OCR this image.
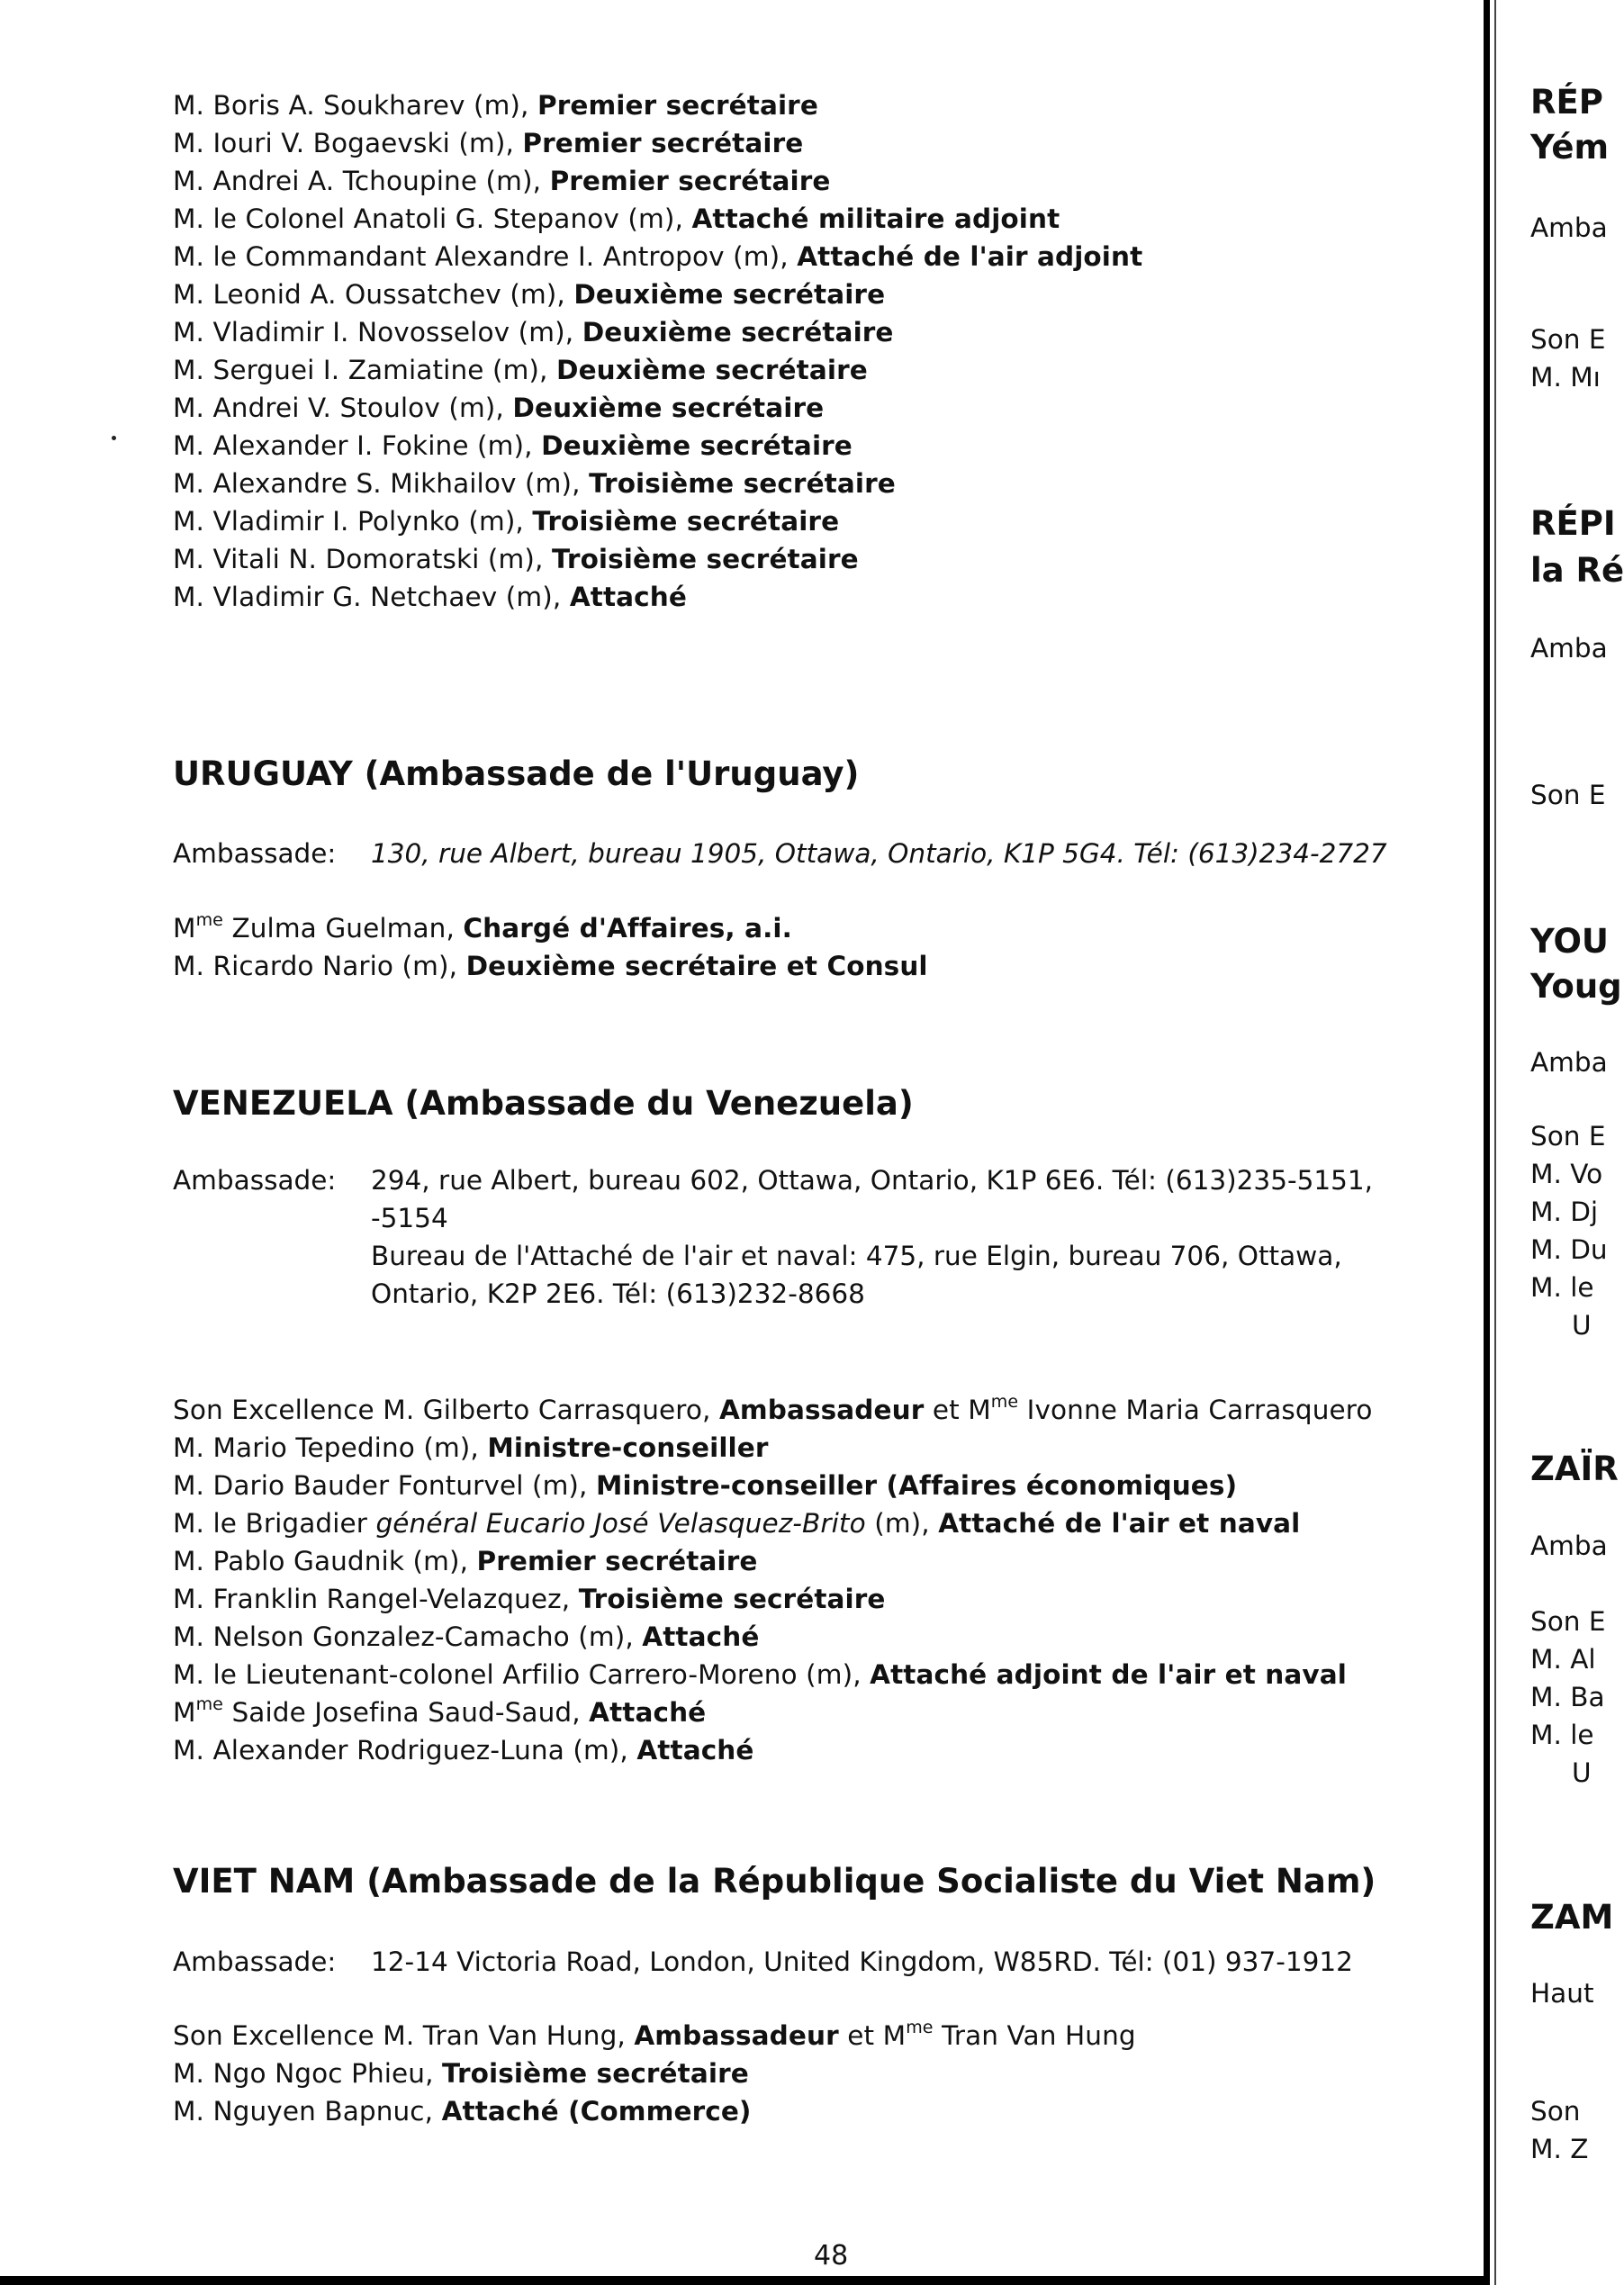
M. Boris A. Soukharev (m), Premier secrétaire
M. Iouri V. Bogaevski (m), Premier secrétaire
M. Andrei A. Tchoupine (m), Premier secrétaire
M. le Colonel Anatoli G. Stepanov (m), Attaché militaire adjoint
M. le Commandant Alexandre I. Antropov (m), Attaché de l'air adjoint
M. Leonid A. Oussatchev (m), Deuxième secrétaire
M. Vladimir I. Novosselov (m), Deuxième secrétaire
M. Serguei I. Zamiatine (m), Deuxième secrétaire
M. Andrei V. Stoulov (m), Deuxième secrétaire
M. Alexander I. Fokine (m), Deuxième secrétaire
M. Alexandre S. Mikhailov (m), Troisième secrétaire
M. Vladimir I. Polynko (m), Troisième secrétaire
M. Vitali N. Domoratski (m), Troisième secrétaire
M. Vladimir G. Netchaev (m), Attaché
URUGUAY (Ambassade de l'Uruguay)
Ambassade: 130, rue Albert, bureau 1905, Ottawa, Ontario, K1P 5G4. Tél: (613)234-2727
$M^{me}$ Zulma Guelman, Chargé d'Affaires, a.i.
M. Ricardo Nario (m), Deuxième secrétaire et Consul
VENEZUELA (Ambassade du Venezuela)
Ambassade:	294, rue Albert, bureau 602, Ottawa, Ontario, K1P 6E6. Tél: (613)235-5151,
-5154
Bureau de l'Attaché de l'air et naval: 475, rue Elgin, bureau 706, Ottawa,
Ontario, K2P 2E6. Tél: (613)232-8668
Son Excellence M. Gilberto Carrasquero, Ambassadeur et $M^{me}$ Ivonne Maria Carrasquero
M. Mario Tepedino (m), Ministre-conseiller
M. Dario Bauder Fonturvel (m), Ministre-conseiller (Affaires économiques)
M. le Brigadier général Eucario José Velasquez-Brito (m), Attaché de l'air et naval
M. Pablo Gaudnik (m), Premier secrétaire
M. Franklin Rangel-Velazquez, Troisième secrétaire
M. Nelson Gonzalez-Camacho (m), Attaché
M. le Lieutenant-colonel Arfilio Carrero-Moreno (m), Attaché adjoint de l'air et naval
$M^{me}$ Saide Josefina Saud-Saud, Attaché
M. Alexander Rodriguez-Luna (m), Attaché
VIET NAM (Ambassade de la République Socialiste du Viet Nam)
Ambassade: 12-14 Victoria Road, London, United Kingdom, W85RD. Tél: (01) 937-1912
Son Excellence M. Tran Van Hung, Ambassadeur et $M^{me}$ Tran Van Hung
M. Ngo Ngoc Phieu, Troisième secrétaire
M. Nguyen Bapnuc, Attaché (Commerce)
48
RÉP
Yém
Amba
Son E
M. Mı
RÉPI
la Ré
Amba
Son E
YOU
Youg
Amba
Son E
M. Vo
M. Dj
M. Du
M. le
U
ZAÏR
Amba
Son E
M. Al
M. Ba
M. le
U
ZAM
Haut
Son
M. Z
